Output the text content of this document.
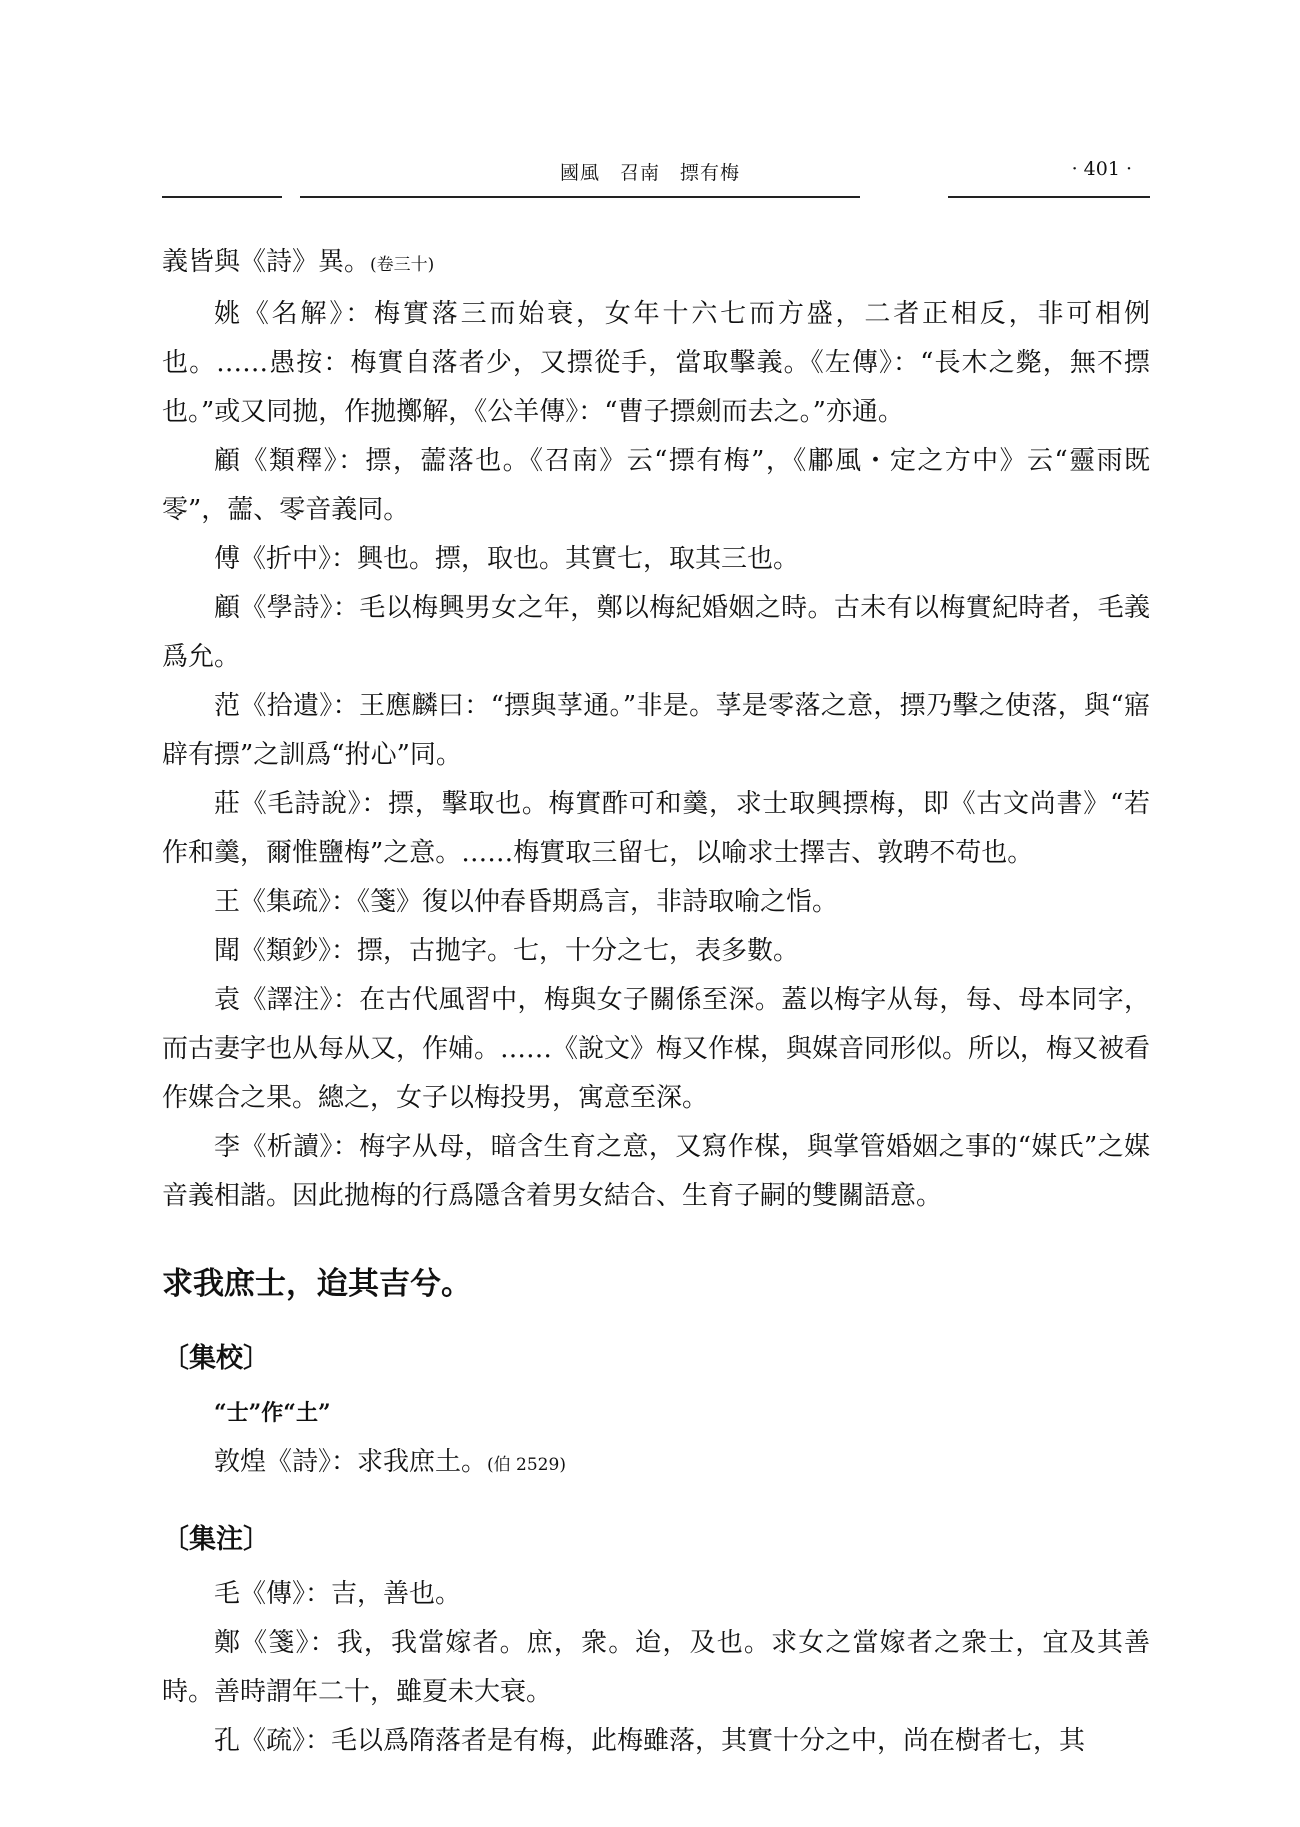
國風　召南　摽有梅	· 401 ·

義皆與《詩》異。(卷三十)

姚《名解》：梅實落三而始衰，女年十六七而方盛，二者正相反，非可相例也。……愚按：梅實自落者少，又摽從手，當取擊義。《左傳》：“長木之斃，無不摽也。”或又同拋，作拋擲解，《公羊傳》：“曹子摽劍而去之。”亦通。

顧《類釋》：摽，蘦落也。《召南》云“摽有梅”，《鄘風・定之方中》云“靈雨既零”，蘦、零音義同。

傅《折中》：興也。摽，取也。其實七，取其三也。

顧《學詩》：毛以梅興男女之年，鄭以梅紀婚姻之時。古未有以梅實紀時者，毛義爲允。

范《拾遺》：王應麟曰：“摽與莩通。”非是。莩是零落之意，摽乃擊之使落，與“寤辟有摽”之訓爲“拊心”同。

莊《毛詩說》：摽，擊取也。梅實酢可和羹，求士取興摽梅，即《古文尚書》“若作和羹，爾惟鹽梅”之意。……梅實取三留七，以喻求士擇吉、敦聘不苟也。

王《集疏》：《箋》復以仲春昏期爲言，非詩取喻之恉。

聞《類鈔》：摽，古拋字。七，十分之七，表多數。

袁《譯注》：在古代風習中，梅與女子關係至深。蓋以梅字从每，每、母本同字，而古妻字也从每从又，作𡜵。……《說文》梅又作楳，與媒音同形似。所以，梅又被看作媒合之果。總之，女子以梅投男，寓意至深。

李《析讀》：梅字从母，暗含生育之意，又寫作楳，與掌管婚姻之事的“媒氏”之媒音義相諧。因此拋梅的行爲隱含着男女結合、生育子嗣的雙關語意。

求我庶士，迨其吉兮。
〔集校〕

“士”作“土”

敦煌《詩》：求我庶土。(伯 2529)

〔集注〕

毛《傳》：吉，善也。

鄭《箋》：我，我當嫁者。庶，衆。迨，及也。求女之當嫁者之衆士，宜及其善時。善時謂年二十，雖夏未大衰。

孔《疏》：毛以爲隋落者是有梅，此梅雖落，其實十分之中，尚在樹者七，其
